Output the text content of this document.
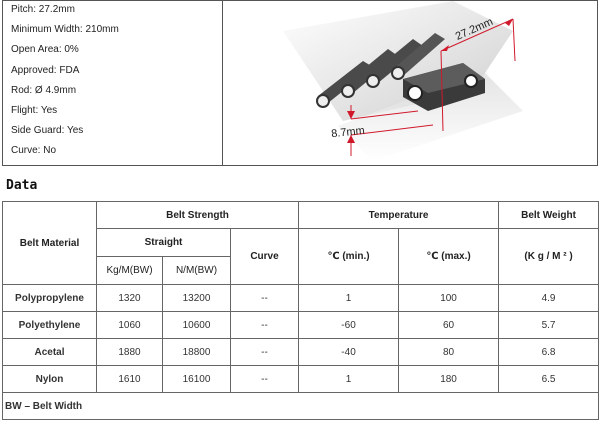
Pitch: 27.2mm
Minimum Width: 210mm
Open Area: 0%
Approved: FDA
Rod: Ø 4.9mm
Flight: Yes
Side Guard: Yes
Curve: No
27.2mm
8.7mm
Data
Belt Material	Belt Strength			Temperature		Belt Weight
	Straight		Curve	℃ (min.)	℃ (max.)	(K g / M ² )
	Kg/M(BW)	N/M(BW)				
Polypropylene	1320	13200	--	1	100	4.9
Polyethylene	1060	10600	--	-60	60	5.7
Acetal	1880	18800	--	-40	80	6.8
Nylon	1610	16100	--	1	180	6.5
BW – Belt Width						
